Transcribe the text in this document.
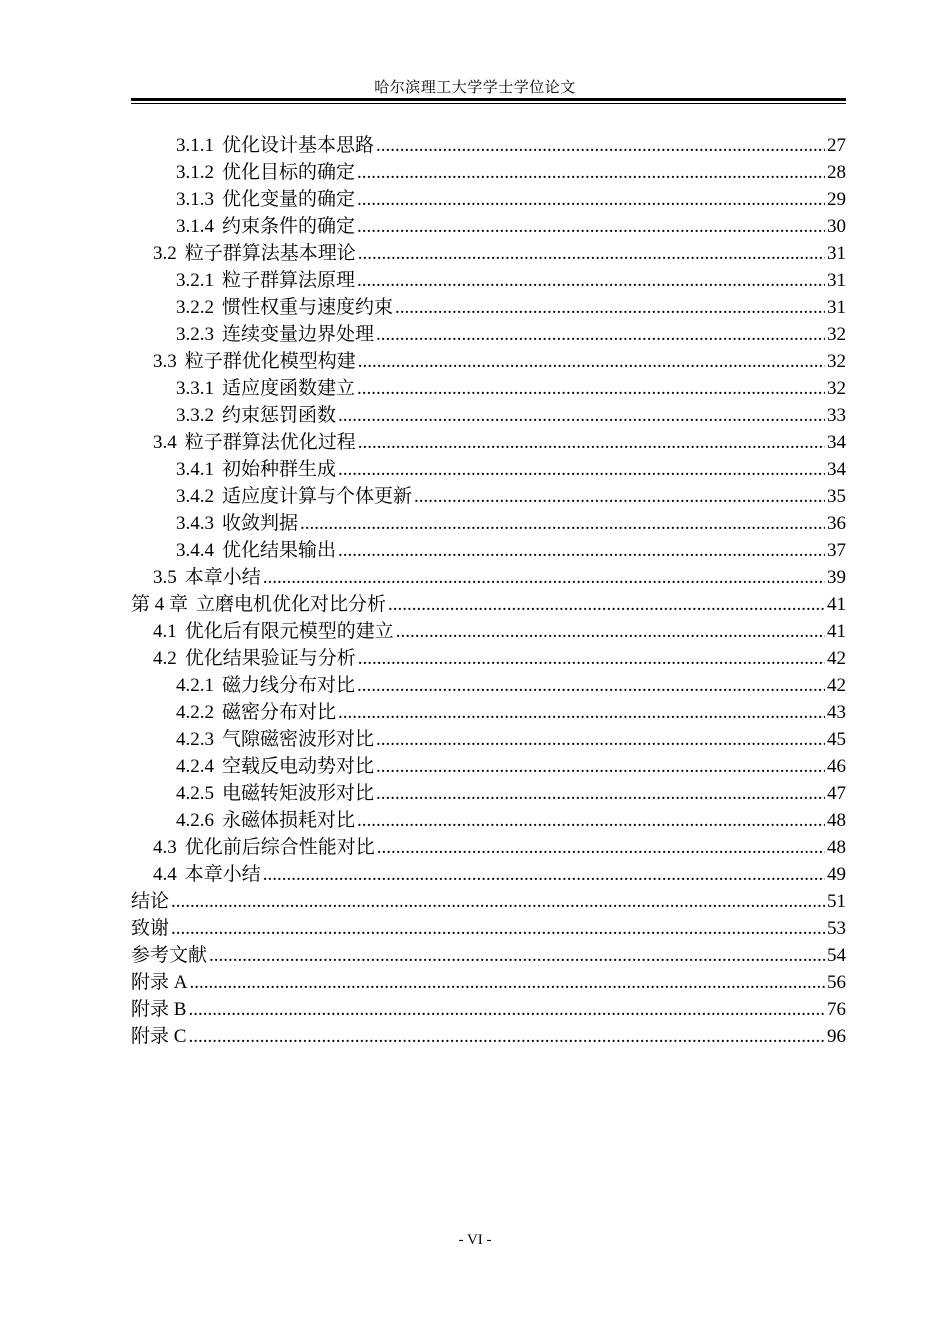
哈尔滨理工大学学士学位论文
3.1.1 优化设计基本思路 .....	27
3.1.2 优化目标的确定 .....	28
3.1.3 优化变量的确定 .....	29
3.1.4 约束条件的确定 .....	30
3.2 粒子群算法基本理论 .....	31
3.2.1 粒子群算法原理 .....	31
3.2.2 惯性权重与速度约束 .....	31
3.2.3 连续变量边界处理 .....	32
3.3 粒子群优化模型构建 .....	32
3.3.1 适应度函数建立 .....	32
3.3.2 约束惩罚函数 .....	33
3.4 粒子群算法优化过程 .....	34
3.4.1 初始种群生成 .....	34
3.4.2 适应度计算与个体更新 .....	35
3.4.3 收敛判据 .....	36
3.4.4 优化结果输出 .....	37
3.5 本章小结 .....	39
第 4 章 立磨电机优化对比分析 .....	41
4.1 优化后有限元模型的建立 .....	41
4.2 优化结果验证与分析 .....	42
4.2.1 磁力线分布对比 .....	42
4.2.2 磁密分布对比 .....	43
4.2.3 气隙磁密波形对比 .....	45
4.2.4 空载反电动势对比 .....	46
4.2.5 电磁转矩波形对比 .....	47
4.2.6 永磁体损耗对比 .....	48
4.3 优化前后综合性能对比 .....	48
4.4 本章小结 .....	49
结论 .....	51
致谢 .....	53
参考文献 .....	54
附录 A .....	56
附录 B .....	76
附录 C .....	96
- VI -
